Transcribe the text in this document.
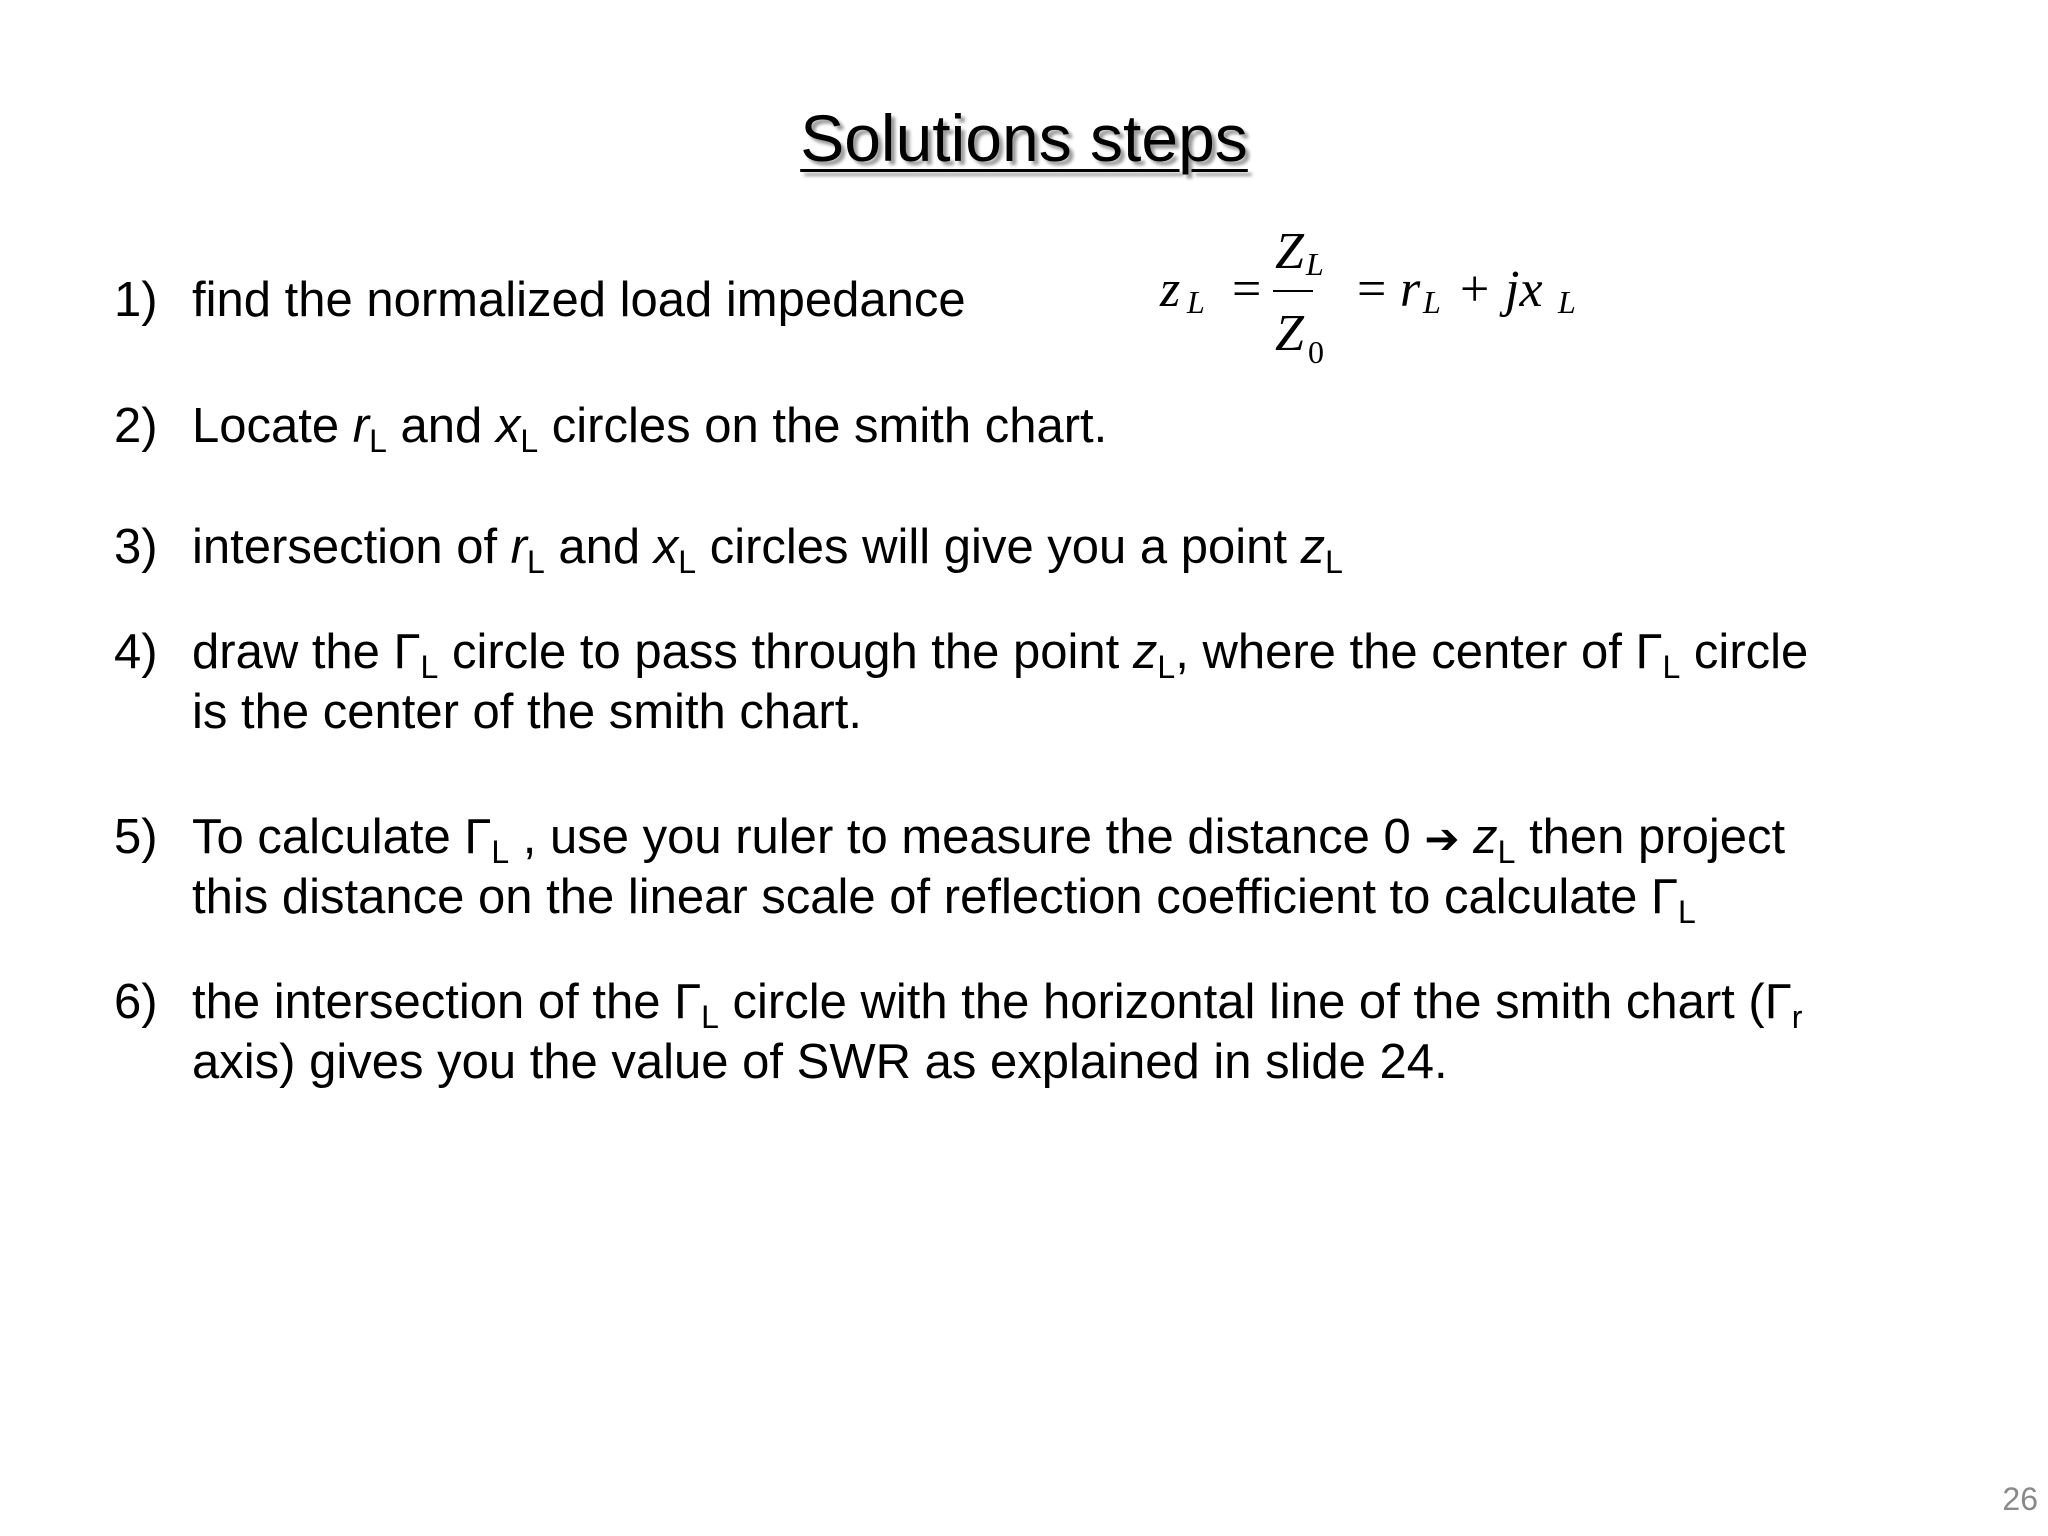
Solutions steps
1) find the normalized load impedance	z L =
Z L
Z 0
= r L + jx L
2) Locate $r_L$ and $x_L$ circles on the smith chart.
3) intersection of $r_L$ and $x_L$ circles will give you a point $z_L$
4) draw the $\Gamma_L$ circle to pass through the point $z_L$, where the center of $\Gamma_L$ circle
is the center of the smith chart.
5) To calculate $\Gamma_L$ , use you ruler to measure the distance 0 ➔ $z_L$ then project
this distance on the linear scale of reflection coefficient to calculate $\Gamma_L$
6) the intersection of the $\Gamma_L$ circle with the horizontal line of the smith chart ($\Gamma_r$
axis) gives you the value of SWR as explained in slide 24.
26
